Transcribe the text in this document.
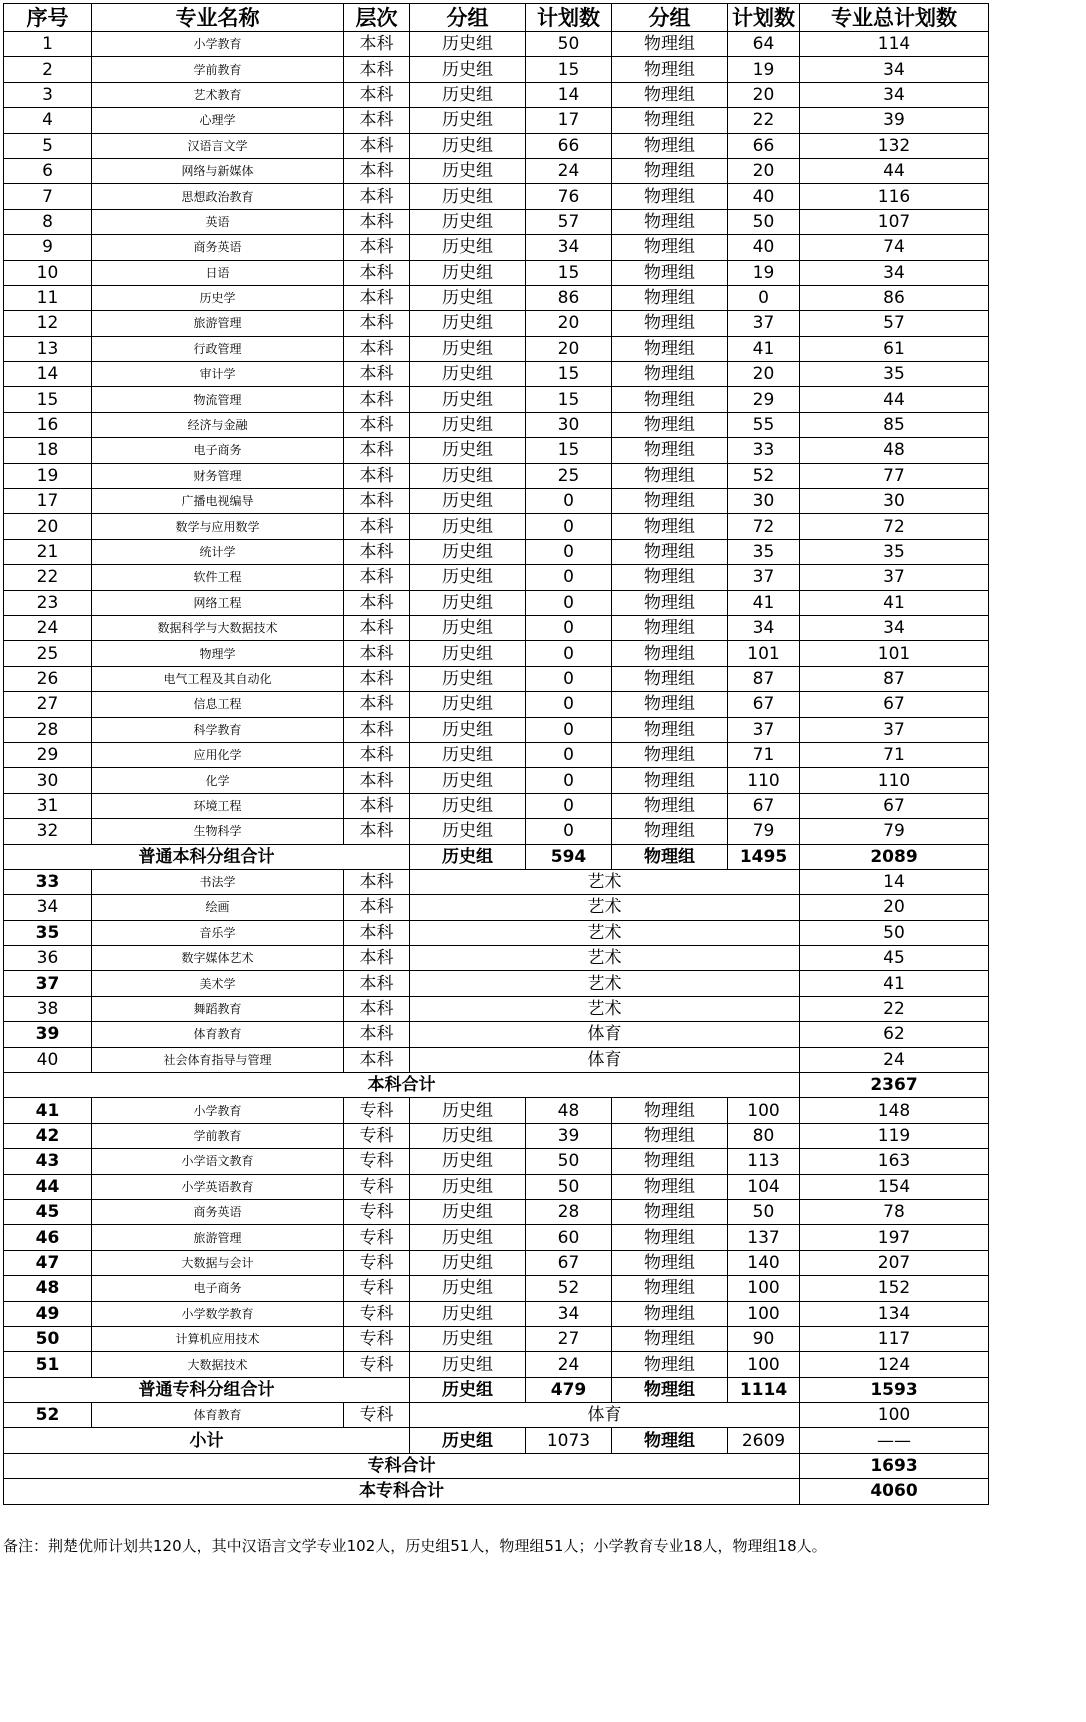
序号	专业名称	层次	分组	计划数	分组	计划数	专业总计划数
1	小学教育	本科	历史组	50	物理组	64	114
2	学前教育	本科	历史组	15	物理组	19	34
3	艺术教育	本科	历史组	14	物理组	20	34
4	心理学	本科	历史组	17	物理组	22	39
5	汉语言文学	本科	历史组	66	物理组	66	132
6	网络与新媒体	本科	历史组	24	物理组	20	44
7	思想政治教育	本科	历史组	76	物理组	40	116
8	英语	本科	历史组	57	物理组	50	107
9	商务英语	本科	历史组	34	物理组	40	74
10	日语	本科	历史组	15	物理组	19	34
11	历史学	本科	历史组	86	物理组	0	86
12	旅游管理	本科	历史组	20	物理组	37	57
13	行政管理	本科	历史组	20	物理组	41	61
14	审计学	本科	历史组	15	物理组	20	35
15	物流管理	本科	历史组	15	物理组	29	44
16	经济与金融	本科	历史组	30	物理组	55	85
18	电子商务	本科	历史组	15	物理组	33	48
19	财务管理	本科	历史组	25	物理组	52	77
17	广播电视编导	本科	历史组	0	物理组	30	30
20	数学与应用数学	本科	历史组	0	物理组	72	72
21	统计学	本科	历史组	0	物理组	35	35
22	软件工程	本科	历史组	0	物理组	37	37
23	网络工程	本科	历史组	0	物理组	41	41
24	数据科学与大数据技术	本科	历史组	0	物理组	34	34
25	物理学	本科	历史组	0	物理组	101	101
26	电气工程及其自动化	本科	历史组	0	物理组	87	87
27	信息工程	本科	历史组	0	物理组	67	67
28	科学教育	本科	历史组	0	物理组	37	37
29	应用化学	本科	历史组	0	物理组	71	71
30	化学	本科	历史组	0	物理组	110	110
31	环境工程	本科	历史组	0	物理组	67	67
32	生物科学	本科	历史组	0	物理组	79	79
普通本科分组合计			历史组	594	物理组	1495	2089
33	书法学	本科	艺术				14
34	绘画	本科	艺术				20
35	音乐学	本科	艺术				50
36	数字媒体艺术	本科	艺术				45
37	美术学	本科	艺术				41
38	舞蹈教育	本科	艺术				22
39	体育教育	本科	体育				62
40	社会体育指导与管理	本科	体育				24
本科合计							2367
41	小学教育	专科	历史组	48	物理组	100	148
42	学前教育	专科	历史组	39	物理组	80	119
43	小学语文教育	专科	历史组	50	物理组	113	163
44	小学英语教育	专科	历史组	50	物理组	104	154
45	商务英语	专科	历史组	28	物理组	50	78
46	旅游管理	专科	历史组	60	物理组	137	197
47	大数据与会计	专科	历史组	67	物理组	140	207
48	电子商务	专科	历史组	52	物理组	100	152
49	小学数学教育	专科	历史组	34	物理组	100	134
50	计算机应用技术	专科	历史组	27	物理组	90	117
51	大数据技术	专科	历史组	24	物理组	100	124
普通专科分组合计			历史组	479	物理组	1114	1593
52	体育教育	专科	体育				100
小计			历史组	1073	物理组	2609	——
专科合计							1693
本专科合计							4060
备注：荆楚优师计划共120人，其中汉语言文学专业102人，历史组51人，物理组51人；小学教育专业18人，物理组18人。
